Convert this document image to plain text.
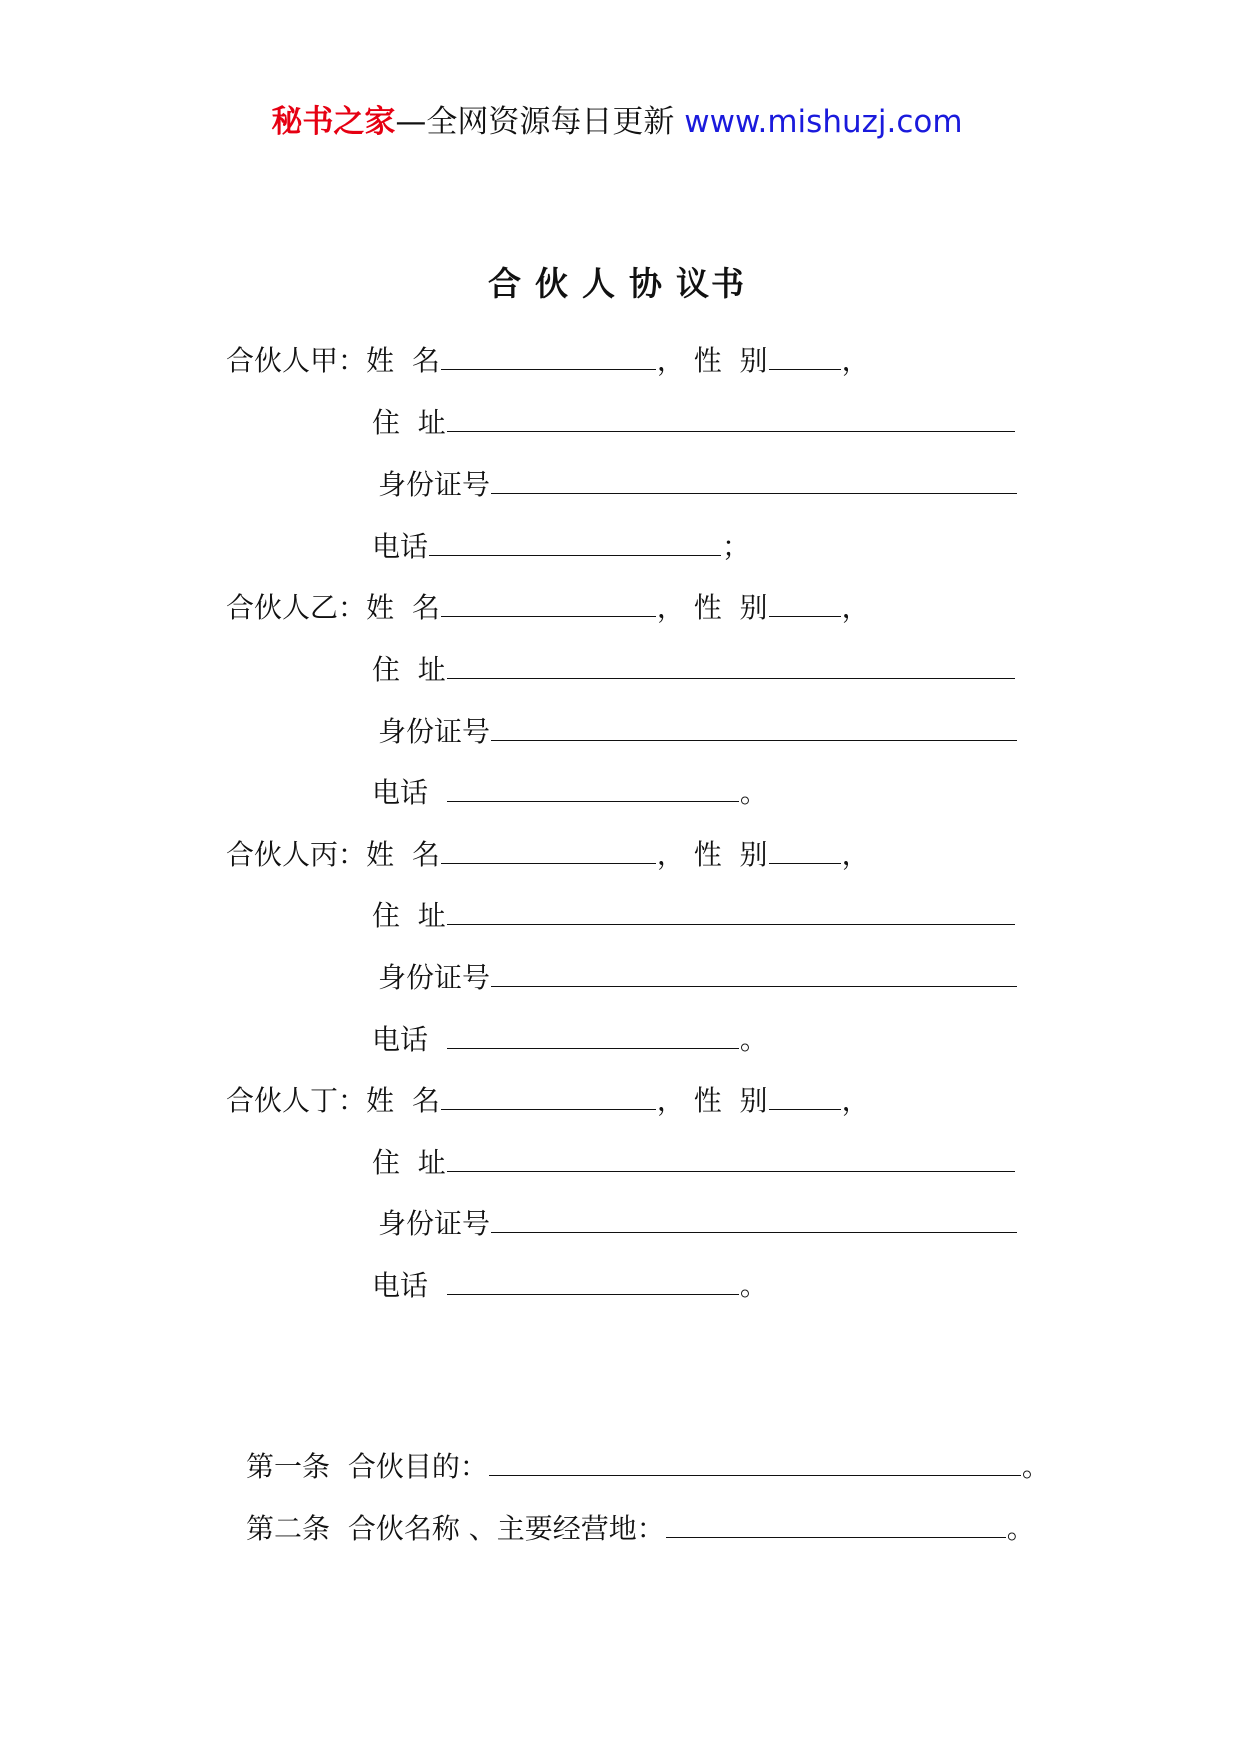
秘书之家—全网资源每日更新 www.mishuzj.com
合 伙 人 协 议书
合伙人甲：姓  名	， 性  别	，
住  址
身份证号
电话	；
合伙人乙：姓  名	， 性  别	，
住  址
身份证号
电话	。
合伙人丙：姓  名	， 性  别	，
住  址
身份证号
电话	。
合伙人丁：姓  名	， 性  别	，
住  址
身份证号
电话	。
第一条 合伙目的：	。
第二条 合伙名称 、主要经营地：	。
